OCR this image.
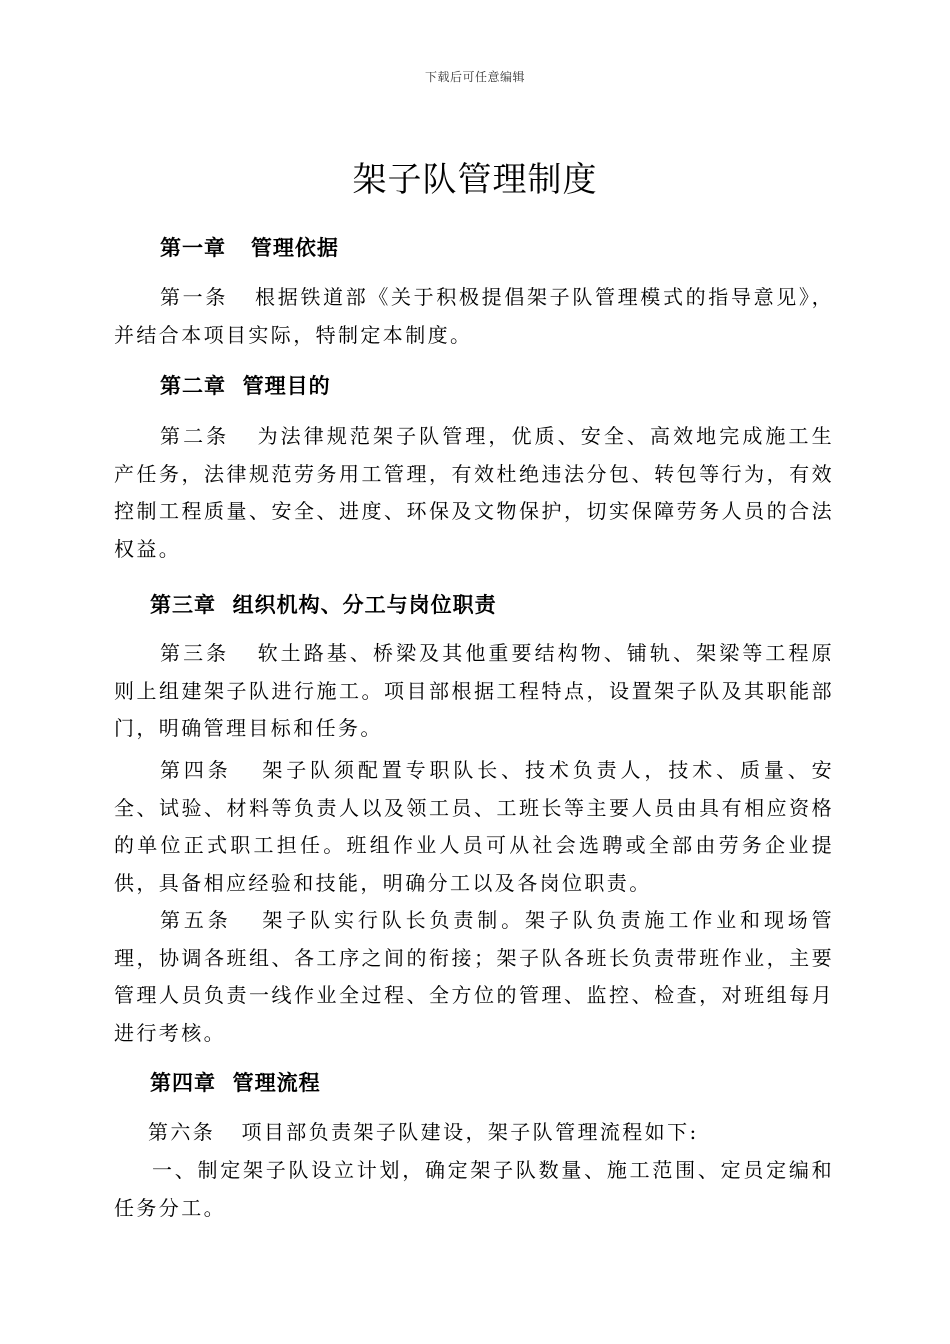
下载后可任意编辑
架子队管理制度
第一章   管理依据
第一条   根据铁道部《关于积极提倡架子队管理模式的指导意见》，并结合本项目实际，特制定本制度。
第二章  管理目的
第二条   为法律规范架子队管理，优质、安全、高效地完成施工生产任务，法律规范劳务用工管理，有效杜绝违法分包、转包等行为，有效控制工程质量、安全、进度、环保及文物保护，切实保障劳务人员的合法权益。
第三章  组织机构、分工与岗位职责
第三条   软土路基、桥梁及其他重要结构物、铺轨、架梁等工程原则上组建架子队进行施工。项目部根据工程特点，设置架子队及其职能部门，明确管理目标和任务。
第四条   架子队须配置专职队长、技术负责人，技术、质量、安全、试验、材料等负责人以及领工员、工班长等主要人员由具有相应资格的单位正式职工担任。班组作业人员可从社会选聘或全部由劳务企业提供，具备相应经验和技能，明确分工以及各岗位职责。
第五条   架子队实行队长负责制。架子队负责施工作业和现场管理，协调各班组、各工序之间的衔接；架子队各班长负责带班作业，主要管理人员负责一线作业全过程、全方位的管理、监控、检查，对班组每月进行考核。
第四章  管理流程
第六条   项目部负责架子队建设，架子队管理流程如下:
一、制定架子队设立计划，确定架子队数量、施工范围、定员定编和任务分工。
